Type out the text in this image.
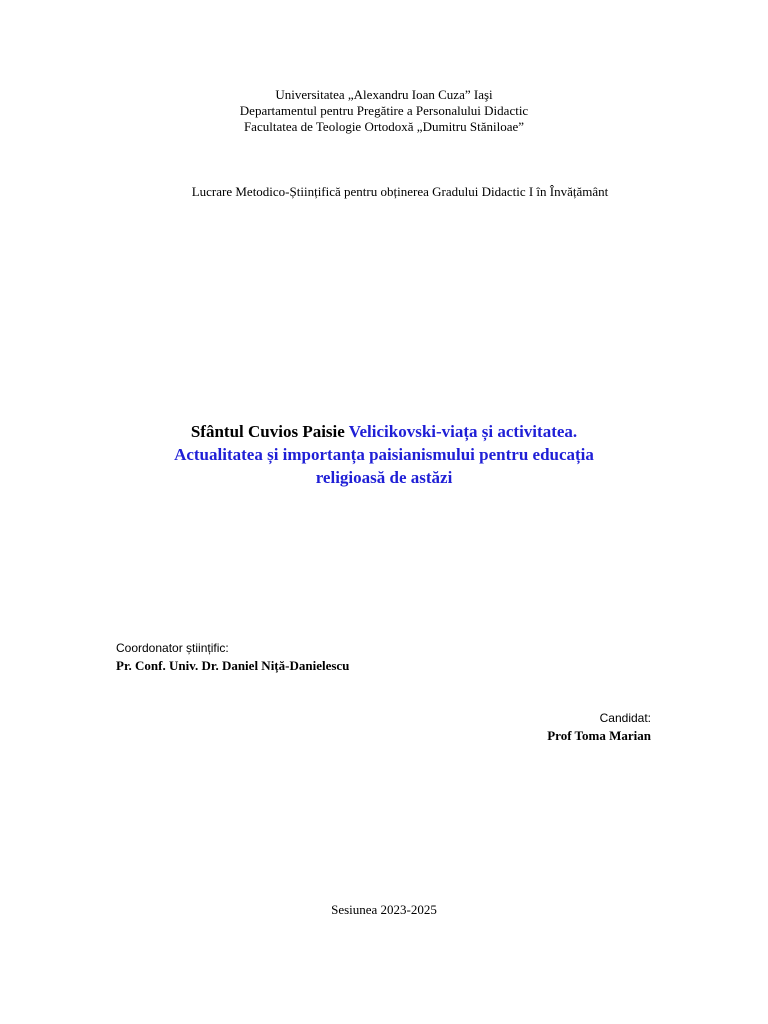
Universitatea „Alexandru Ioan Cuza” Iaşi
Departamentul pentru Pregătire a Personalului Didactic
Facultatea de Teologie Ortodoxă „Dumitru Stăniloae”
Lucrare Metodico-Științifică pentru obținerea Gradului Didactic I în Învățământ
Sfântul Cuvios Paisie Velicikovski-viața și activitatea.
Actualitatea și importanța paisianismului pentru educația
religioasă de astăzi
Coordonator științific:
Pr. Conf. Univ. Dr. Daniel Niță-Danielescu
Candidat:
Prof Toma Marian
Sesiunea 2023-2025
